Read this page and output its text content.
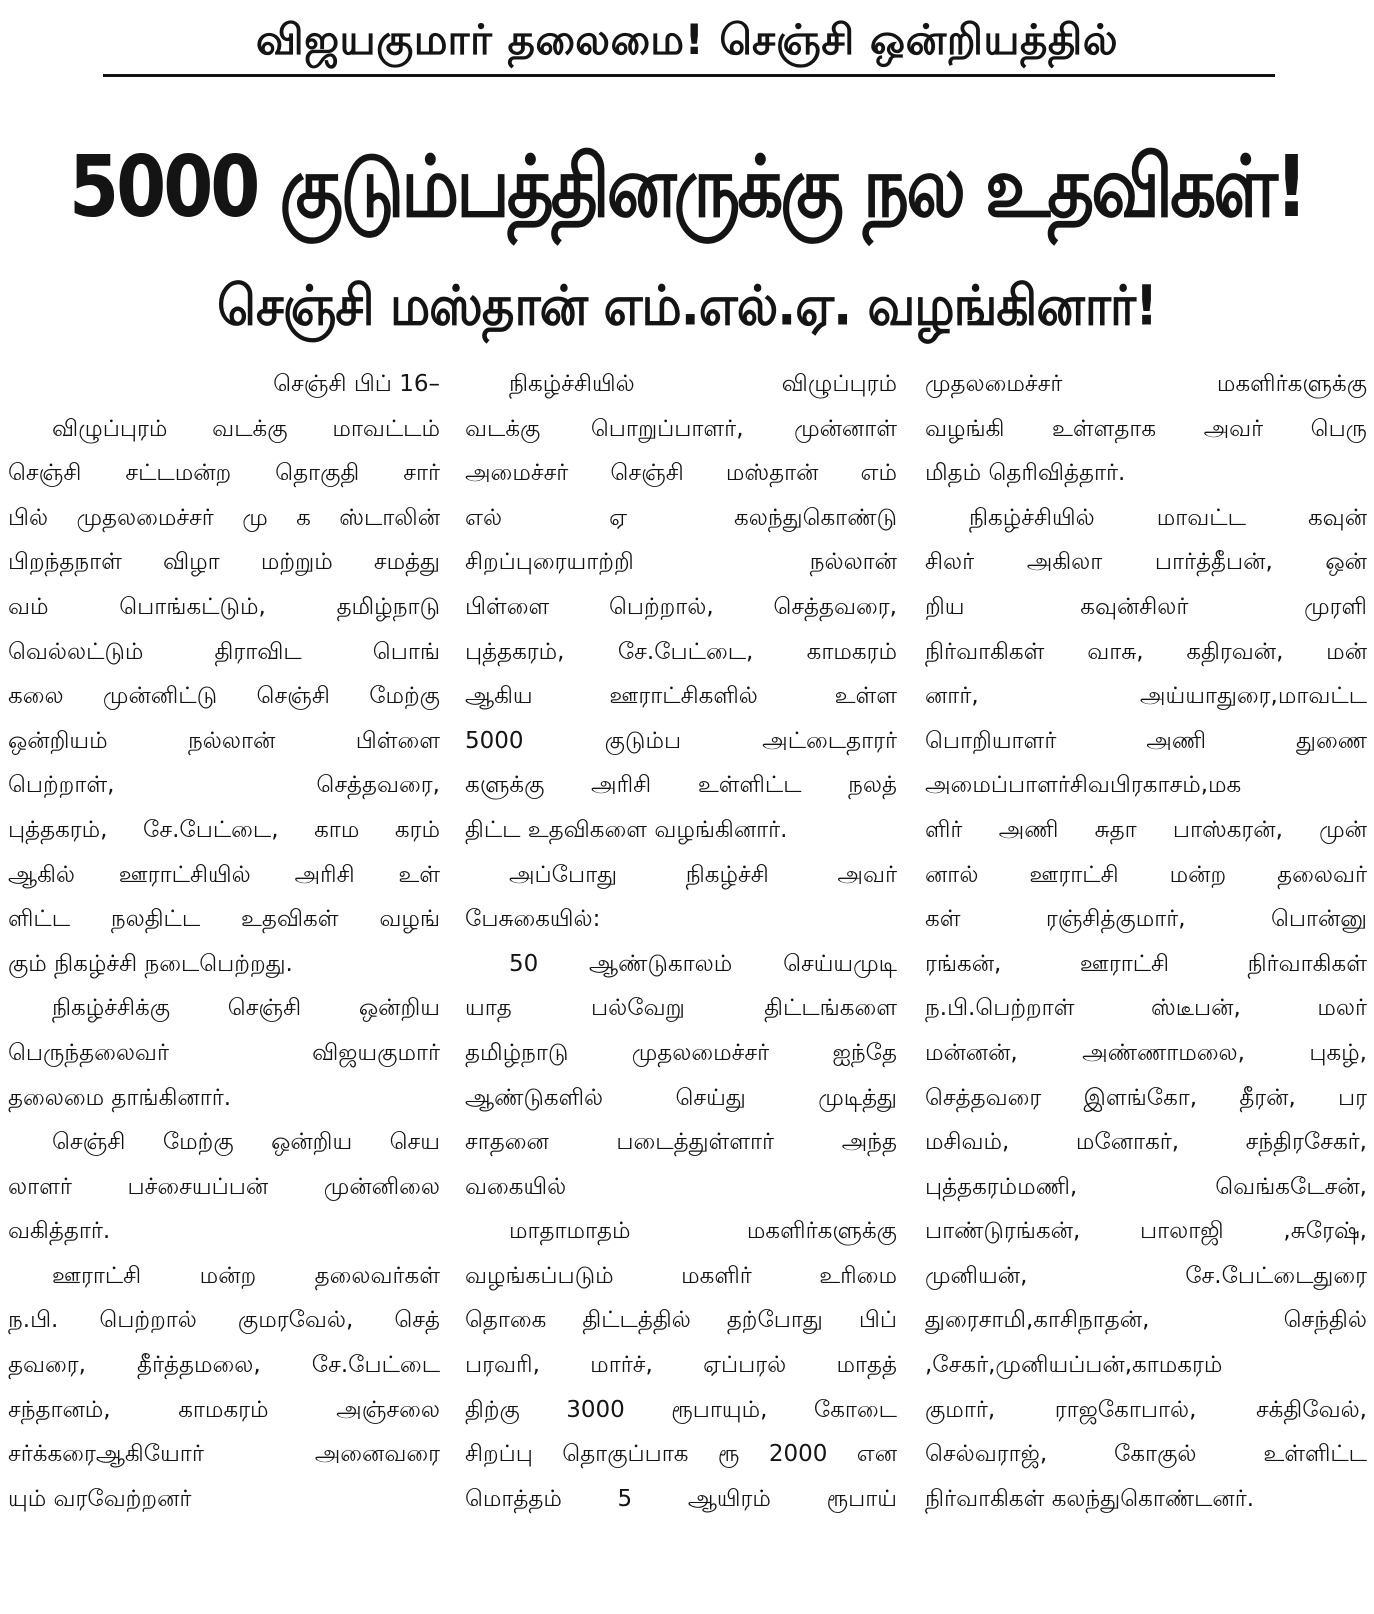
விஜயகுமார் தலைமை! செஞ்சி ஒன்றியத்தில்
5000 குடும்பத்தினருக்கு நல உதவிகள்!
செஞ்சி மஸ்தான் எம்.எல்.ஏ. வழங்கினார்!

செஞ்சி பிப் 16–

விழுப்புரம் வடக்கு மாவட்டம்

செஞ்சி சட்டமன்ற தொகுதி சார்

பில் முதலமைச்சர் மு க ஸ்டாலின்

பிறந்தநாள் விழா மற்றும் சமத்து

வம் பொங்கட்டும், தமிழ்நாடு

வெல்லட்டும் திராவிட பொங்

கலை முன்னிட்டு செஞ்சி மேற்கு

ஒன்றியம் நல்லான் பிள்ளை

பெற்றாள், செத்தவரை,

புத்தகரம், சே.பேட்டை, காம கரம்

ஆகில் ஊராட்சியில் அரிசி உள்

ளிட்ட நலதிட்ட உதவிகள் வழங்

கும் நிகழ்ச்சி நடைபெற்றது.

நிகழ்ச்சிக்கு செஞ்சி ஒன்றிய

பெருந்தலைவர் விஜயகுமார்

தலைமை தாங்கினார்.

செஞ்சி மேற்கு ஒன்றிய செய

லாளர் பச்சையப்பன் முன்னிலை

வகித்தார்.

ஊராட்சி மன்ற தலைவர்கள்

ந.பி. பெற்றால் குமரவேல், செத்

தவரை, தீர்த்தமலை, சே.பேட்டை

சந்தானம், காமகரம் அஞ்சலை

சர்க்கரைஆகியோர் அனைவரை

யும் வரவேற்றனர்

நிகழ்ச்சியில் விழுப்புரம்

வடக்கு பொறுப்பாளர், முன்னாள்

அமைச்சர் செஞ்சி மஸ்தான் எம்

எல் ஏ கலந்துகொண்டு

சிறப்புரையாற்றி நல்லான்

பிள்ளை பெற்றால், செத்தவரை,

புத்தகரம், சே.பேட்டை, காமகரம்

ஆகிய ஊராட்சிகளில் உள்ள

5000 குடும்ப அட்டைதாரர்

களுக்கு அரிசி உள்ளிட்ட நலத்

திட்ட உதவிகளை வழங்கினார்.

அப்போது நிகழ்ச்சி அவர்

பேசுகையில்:

50 ஆண்டுகாலம் செய்யமுடி

யாத பல்வேறு திட்டங்களை

தமிழ்நாடு முதலமைச்சர் ஐந்தே

ஆண்டுகளில் செய்து முடித்து

சாதனை படைத்துள்ளார் அந்த

வகையில்

மாதாமாதம் மகளிர்களுக்கு

வழங்கப்படும் மகளிர் உரிமை

தொகை திட்டத்தில் தற்போது பிப்

பரவரி, மார்ச், ஏப்பரல் மாதத்

திற்கு 3000 ரூபாயும், கோடை

சிறப்பு தொகுப்பாக ரூ 2000 என

மொத்தம் 5 ஆயிரம் ரூபாய்

முதலமைச்சர் மகளிர்களுக்கு

வழங்கி உள்ளதாக அவர் பெரு

மிதம் தெரிவித்தார்.

நிகழ்ச்சியில் மாவட்ட கவுன்

சிலர் அகிலா பார்த்தீபன், ஒன்

றிய கவுன்சிலர் முரளி

நிர்வாகிகள் வாசு, கதிரவன், மன்

னார், அய்யாதுரை,மாவட்ட

பொறியாளர் அணி துணை

அமைப்பாளர்சிவபிரகாசம்,மக

ளிர் அணி சுதா பாஸ்கரன், முன்

னால் ஊராட்சி மன்ற தலைவர்

கள் ரஞ்சித்குமார், பொன்னு

ரங்கன், ஊராட்சி நிர்வாகிகள்

ந.பி.பெற்றாள் ஸ்டீபன், மலர்

மன்னன், அண்ணாமலை, புகழ்,

செத்தவரை இளங்கோ, தீரன், பர

மசிவம், மனோகர், சந்திரசேகர்,

புத்தகரம்மணி, வெங்கடேசன்,

பாண்டுரங்கன், பாலாஜி ,சுரேஷ்,

முனியன், சே.பேட்டைதுரை

துரைசாமி,காசிநாதன், செந்தில்

,சேகர்,முனியப்பன்,காமகரம்

குமார், ராஜகோபால், சக்திவேல்,

செல்வராஜ், கோகுல் உள்ளிட்ட

நிர்வாகிகள் கலந்துகொண்டனர்.
